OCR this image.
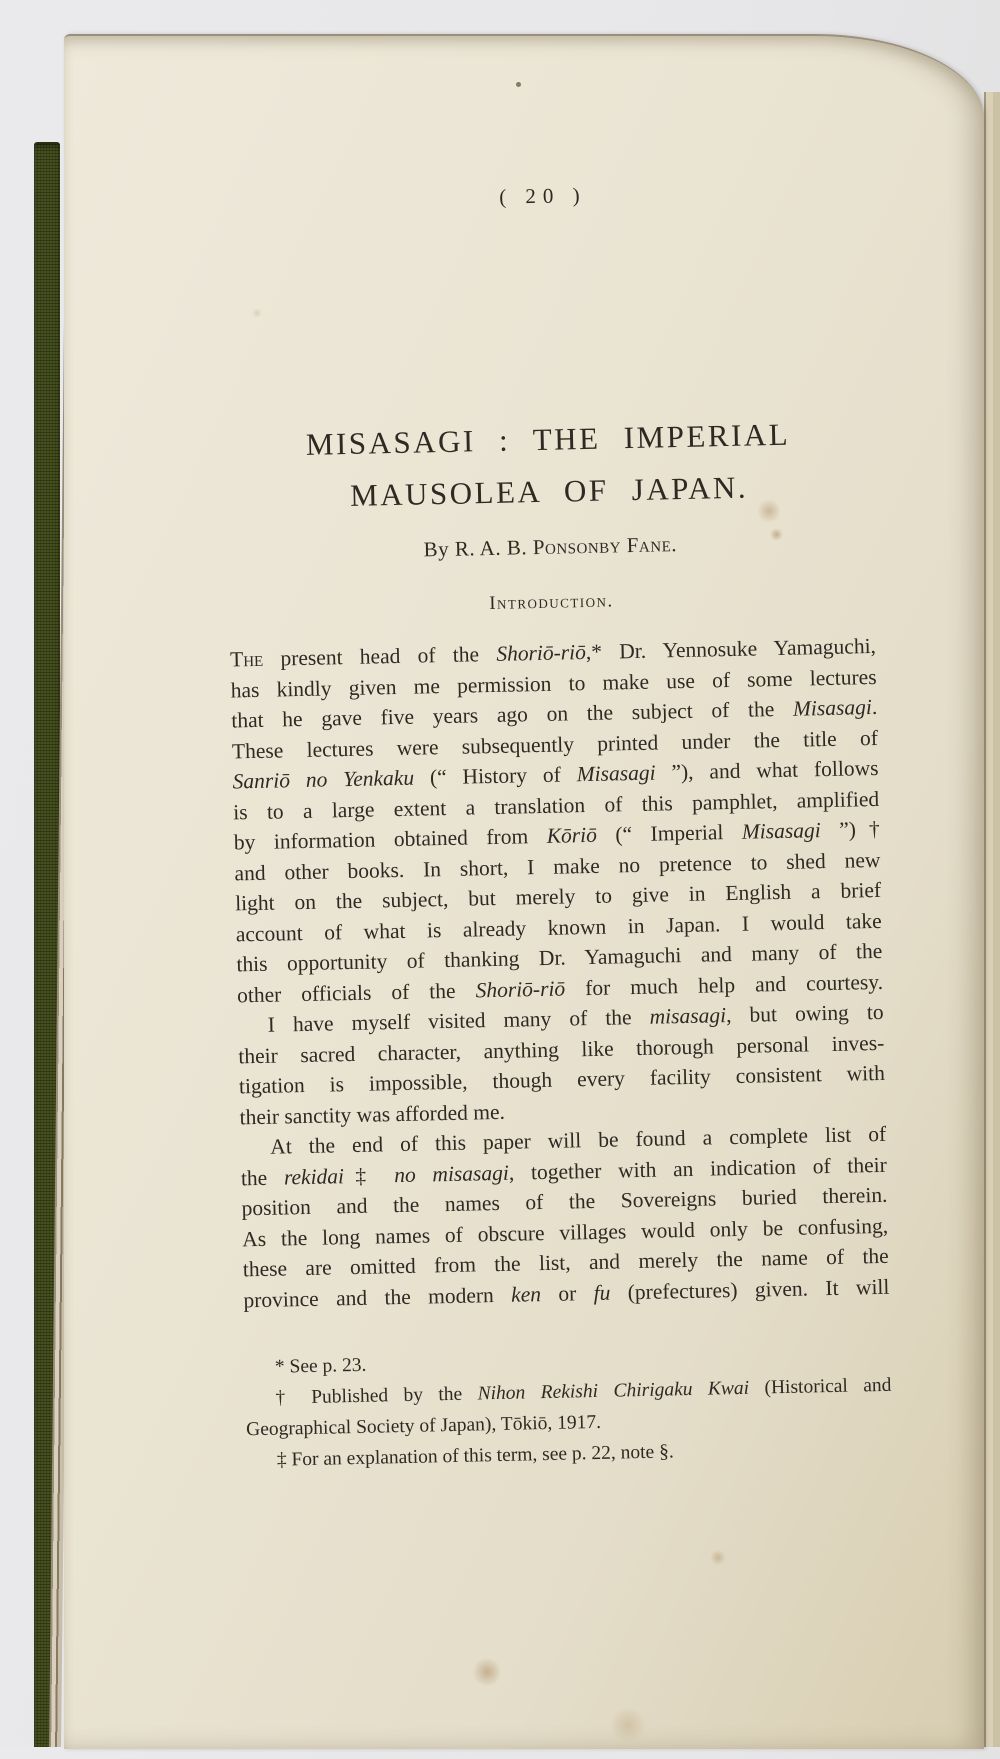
( 20 )
MISASAGI : THE IMPERIAL
MAUSOLEA OF JAPAN.
By R. A. B. Ponsonby Fane.
Introduction.
The present head of the Shoriō-riō,* Dr. Yennosuke Yamaguchi,
has kindly given me permission to make use of some lectures
that he gave five years ago on the subject of the Misasagi.
These lectures were subsequently printed under the title of
Sanriō no Yenkaku (“ History of Misasagi ”), and what follows
is to a large extent a translation of this pamphlet, amplified
by information obtained from Kōriō (“ Imperial Misasagi ”)†
and other books. In short, I make no pretence to shed new
light on the subject, but merely to give in English a brief
account of what is already known in Japan. I would take
this opportunity of thanking Dr. Yamaguchi and many of the
other officials of the Shoriō-riō for much help and courtesy.
I have myself visited many of the misasagi, but owing to
their sacred character, anything like thorough personal inves-
tigation is impossible, though every facility consistent with
their sanctity was afforded me.
At the end of this paper will be found a complete list of
the rekidai‡ no misasagi, together with an indication of their
position and the names of the Sovereigns buried therein.
As the long names of obscure villages would only be confusing,
these are omitted from the list, and merely the name of the
province and the modern ken or fu (prefectures) given. It will
* See p. 23.
† Published by the Nihon Rekishi Chirigaku Kwai (Historical and
Geographical Society of Japan), Tōkiō, 1917.
‡ For an explanation of this term, see p. 22, note §.
